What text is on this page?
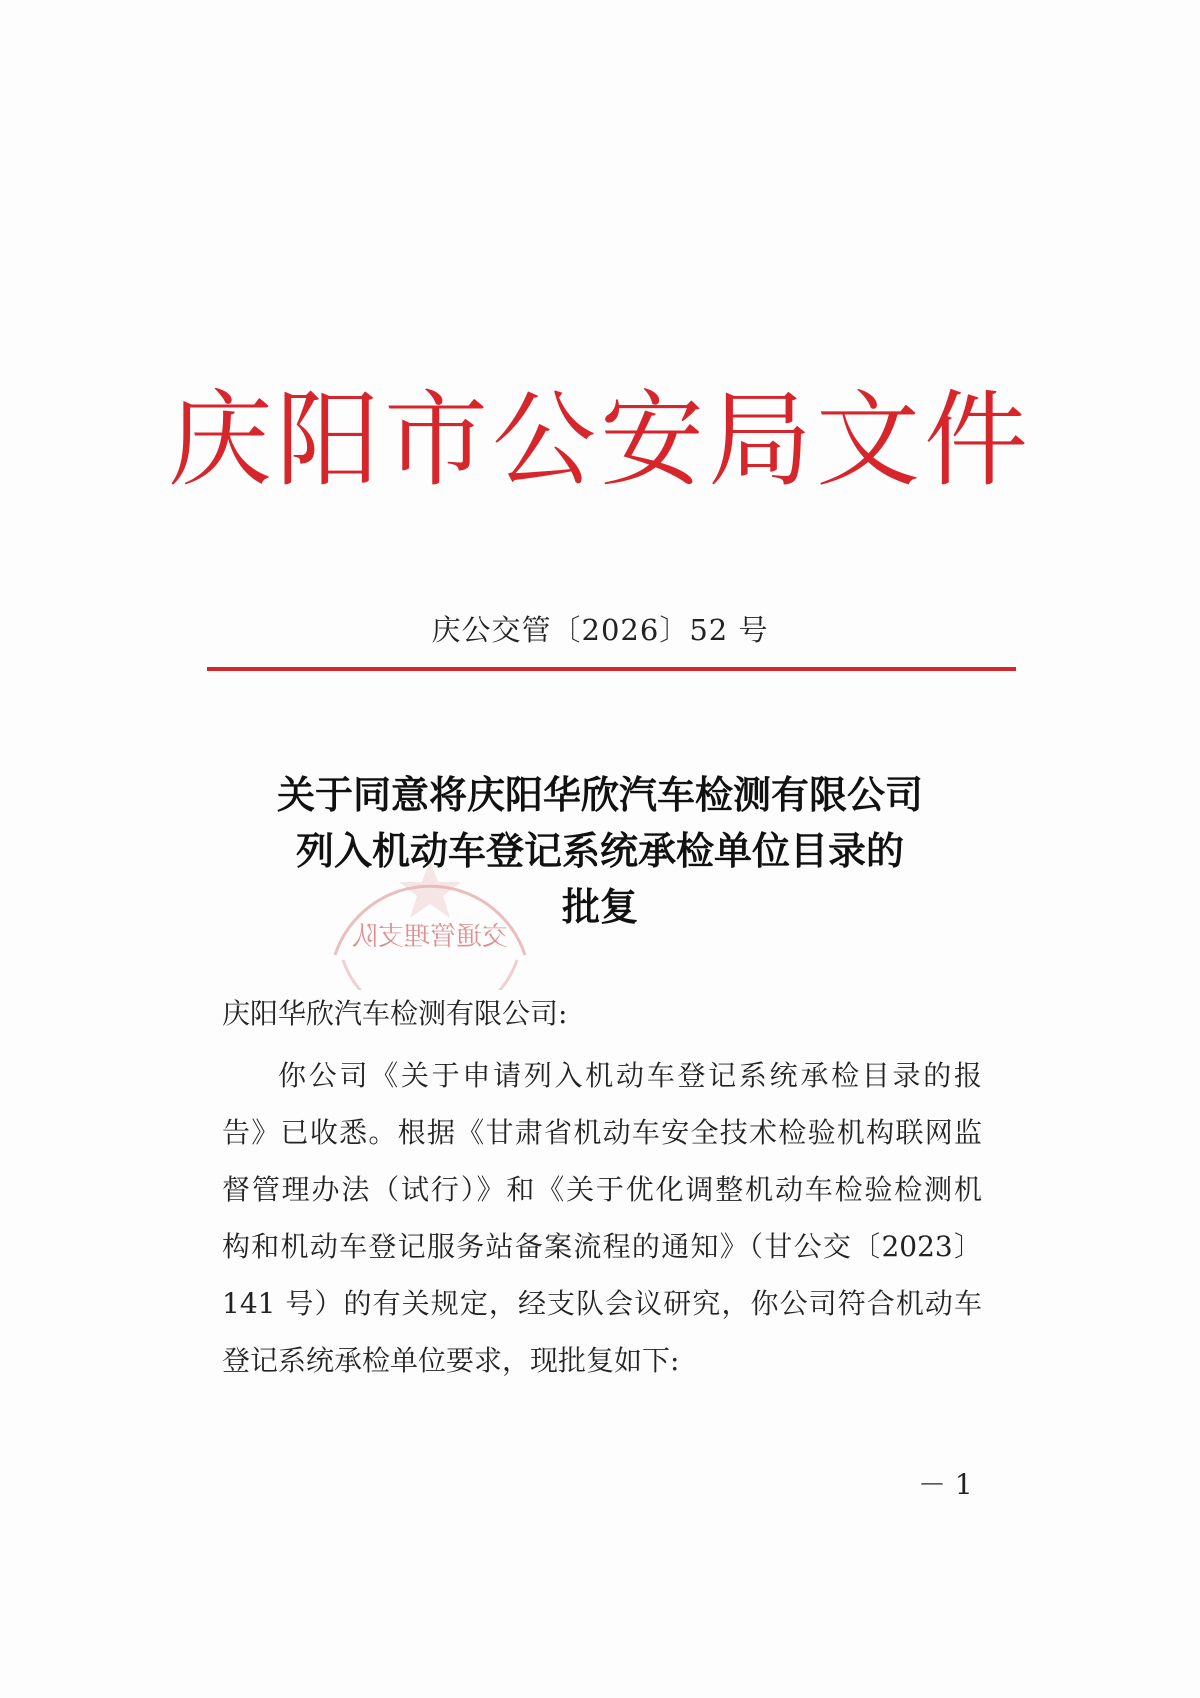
庆阳市公安局文件
庆公交管〔2026〕52 号
交通管理支队
关于同意将庆阳华欣汽车检测有限公司
列入机动车登记系统承检单位目录的
批复
庆阳华欣汽车检测有限公司:
你公司《关于申请列入机动车登记系统承检目录的报
告》已收悉。根据《甘肃省机动车安全技术检验机构联网监
督管理办法（试行）》和《关于优化调整机动车检验检测机
构和机动车登记服务站备案流程的通知》（甘公交〔2023〕
141 号）的有关规定，经支队会议研究，你公司符合机动车
登记系统承检单位要求，现批复如下:
－ 1
